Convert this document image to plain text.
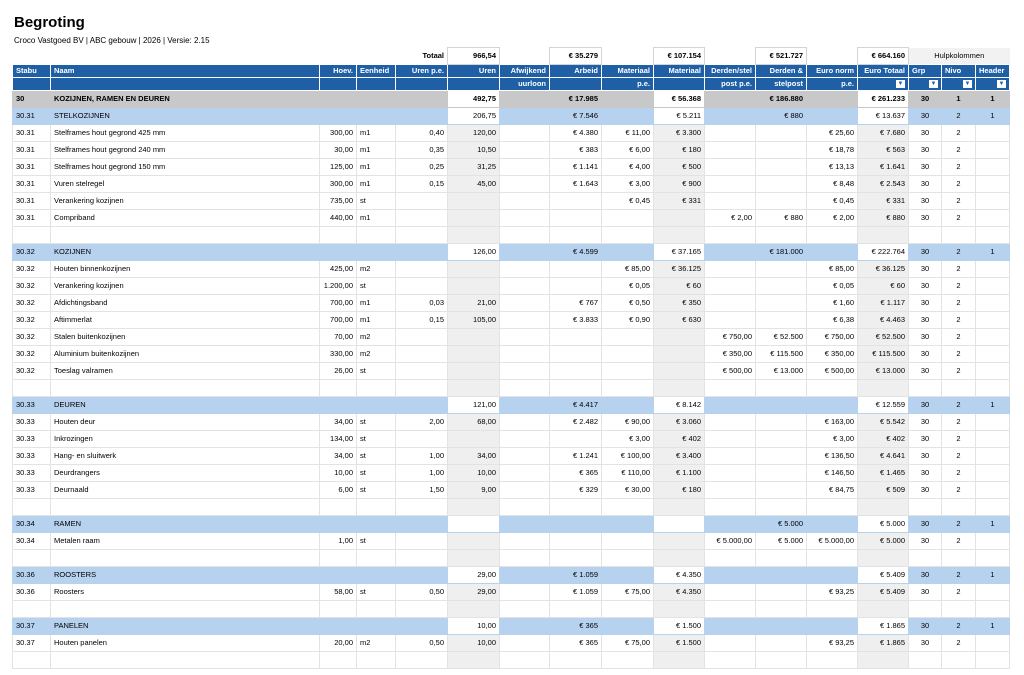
Begroting
Croco Vastgoed BV | ABC gebouw | 2026 | Versie: 2.15
				Totaal	966,54		€ 35.279		€ 107.154		€ 521.727		€ 664.160	Hulpkolommen		
Stabu	Naam	Hoev.	Eenheid	Uren p.e.	Uren	Afwijkend	Arbeid	Materiaal	Materiaal	Derden/stel	Derden &	Euro norm	Euro Totaal	Grp	Nivo	Header
						uurloon		p.e.		post p.e.	stelpost	p.e.	▼	▼	▼	▼

30	KOZIJNEN, RAMEN EN DEUREN				492,75		€ 17.985		€ 56.368		€ 186.880		€ 261.233	30	1	1
30.31	STELKOZIJNEN				206,75		€ 7.546		€ 5.211		€ 880		€ 13.637	30	2	1
30.31	Stelframes hout gegrond 425 mm	300,00	m1	0,40	120,00		€ 4.380	€ 11,00	€ 3.300			€ 25,60	€ 7.680	30	2	
30.31	Stelframes hout gegrond 240 mm	30,00	m1	0,35	10,50		€ 383	€ 6,00	€ 180			€ 18,78	€ 563	30	2	
30.31	Stelframes hout gegrond 150 mm	125,00	m1	0,25	31,25		€ 1.141	€ 4,00	€ 500			€ 13,13	€ 1.641	30	2	
30.31	Vuren stelregel	300,00	m1	0,15	45,00		€ 1.643	€ 3,00	€ 900			€ 8,48	€ 2.543	30	2	
30.31	Verankering kozijnen	735,00	st					€ 0,45	€ 331			€ 0,45	€ 331	30	2	
30.31	Compriband	440,00	m1							€ 2,00	€ 880	€ 2,00	€ 880	30	2	

30.32	KOZIJNEN				126,00		€ 4.599		€ 37.165		€ 181.000		€ 222.764	30	2	1
30.32	Houten binnenkozijnen	425,00	m2					€ 85,00	€ 36.125			€ 85,00	€ 36.125	30	2	
30.32	Verankering kozijnen	1.200,00	st					€ 0,05	€ 60			€ 0,05	€ 60	30	2	
30.32	Afdichtingsband	700,00	m1	0,03	21,00		€ 767	€ 0,50	€ 350			€ 1,60	€ 1.117	30	2	
30.32	Aftimmerlat	700,00	m1	0,15	105,00		€ 3.833	€ 0,90	€ 630			€ 6,38	€ 4.463	30	2	
30.32	Stalen buitenkozijnen	70,00	m2							€ 750,00	€ 52.500	€ 750,00	€ 52.500	30	2	
30.32	Aluminium buitenkozijnen	330,00	m2							€ 350,00	€ 115.500	€ 350,00	€ 115.500	30	2	
30.32	Toeslag valramen	26,00	st							€ 500,00	€ 13.000	€ 500,00	€ 13.000	30	2	

30.33	DEUREN				121,00		€ 4.417		€ 8.142				€ 12.559	30	2	1
30.33	Houten deur	34,00	st	2,00	68,00		€ 2.482	€ 90,00	€ 3.060			€ 163,00	€ 5.542	30	2	
30.33	Inkrozingen	134,00	st					€ 3,00	€ 402			€ 3,00	€ 402	30	2	
30.33	Hang- en sluitwerk	34,00	st	1,00	34,00		€ 1.241	€ 100,00	€ 3.400			€ 136,50	€ 4.641	30	2	
30.33	Deurdrangers	10,00	st	1,00	10,00		€ 365	€ 110,00	€ 1.100			€ 146,50	€ 1.465	30	2	
30.33	Deurnaald	6,00	st	1,50	9,00		€ 329	€ 30,00	€ 180			€ 84,75	€ 509	30	2	

30.34	RAMEN										€ 5.000		€ 5.000	30	2	1
30.34	Metalen raam	1,00	st							€ 5.000,00	€ 5.000	€ 5.000,00	€ 5.000	30	2	

30.36	ROOSTERS				29,00		€ 1.059		€ 4.350				€ 5.409	30	2	1
30.36	Roosters	58,00	st	0,50	29,00		€ 1.059	€ 75,00	€ 4.350			€ 93,25	€ 5.409	30	2	

30.37	PANELEN				10,00		€ 365		€ 1.500				€ 1.865	30	2	1
30.37	Houten panelen	20,00	m2	0,50	10,00		€ 365	€ 75,00	€ 1.500			€ 93,25	€ 1.865	30	2	
